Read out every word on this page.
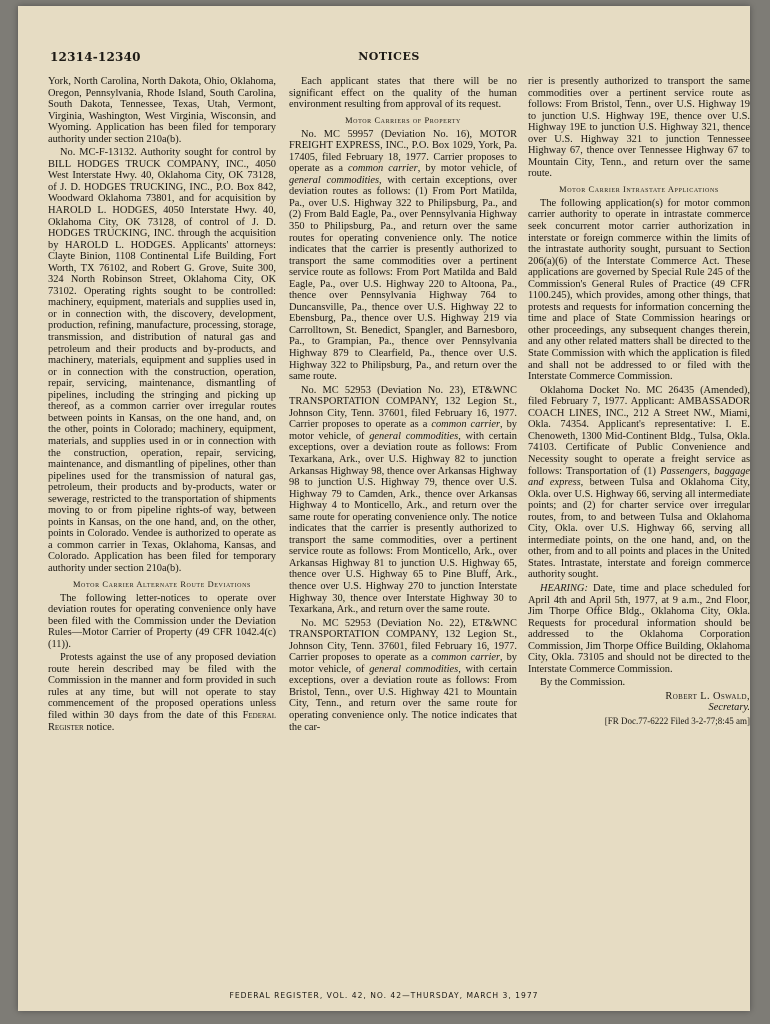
12314-12340	NOTICES

York, North Carolina, North Dakota, Ohio, Oklahoma, Oregon, Pennsylvania, Rhode Island, South Carolina, South Dakota, Tennessee, Texas, Utah, Vermont, Virginia, Washington, West Virginia, Wisconsin, and Wyoming. Application has been filed for temporary authority under section 210a(b).

No. MC-F-13132. Authority sought for control by BILL HODGES TRUCK COMPANY, INC., 4050 West Interstate Hwy. 40, Oklahoma City, OK 73128, of J. D. HODGES TRUCKING, INC., P.O. Box 842, Woodward Oklahoma 73801, and for acquisition by HAROLD L. HODGES, 4050 Interstate Hwy. 40, Oklahoma City, OK 73128, of control of J. D. HODGES TRUCKING, INC. through the acquisition by HAROLD L. HODGES. Applicants' attorneys: Clayte Binion, 1108 Continental Life Building, Fort Worth, TX 76102, and Robert G. Grove, Suite 300, 324 North Robinson Street, Oklahoma City, OK 73102. Operating rights sought to be controlled: machinery, equipment, materials and supplies used in, or in connection with, the discovery, development, production, refining, manufacture, processing, storage, transmission, and distribution of natural gas and petroleum and their products and by-products, and machinery, materials, equipment and supplies used in or in connection with the construction, operation, repair, servicing, maintenance, dismantling of pipelines, including the stringing and picking up thereof, as a common carrier over irregular routes between points in Kansas, on the one hand, and, on the other, points in Colorado; machinery, equipment, materials, and supplies used in or in connection with the construction, operation, repair, servicing, maintenance, and dismantling of pipelines, other than pipelines used for the transmission of natural gas, petroleum, their products and by-products, water or sewerage, restricted to the transportation of shipments moving to or from pipeline rights-of way, between points in Kansas, on the one hand, and, on the other, points in Colorado. Vendee is authorized to operate as a common carrier in Texas, Oklahoma, Kansas, and Colorado. Application has been filed for temporary authority under section 210a(b).

Motor Carrier Alternate Route Deviations

The following letter-notices to operate over deviation routes for operating convenience only have been filed with the Commission under the Deviation Rules—Motor Carrier of Property (49 CFR 1042.4(c)(11)).

Protests against the use of any proposed deviation route herein described may be filed with the Commission in the manner and form provided in such rules at any time, but will not operate to stay commencement of the proposed operations unless filed within 30 days from the date of this Federal Register notice.

Each applicant states that there will be no significant effect on the quality of the human environment resulting from approval of its request.

Motor Carriers of Property

No. MC 59957 (Deviation No. 16), MOTOR FREIGHT EXPRESS, INC., P.O. Box 1029, York, Pa. 17405, filed February 18, 1977. Carrier proposes to operate as a common carrier, by motor vehicle, of general commodities, with certain exceptions, over deviation routes as follows: (1) From Port Matilda, Pa., over U.S. Highway 322 to Philipsburg, Pa., and (2) From Bald Eagle, Pa., over Pennsylvania Highway 350 to Philipsburg, Pa., and return over the same routes for operating convenience only. The notice indicates that the carrier is presently authorized to transport the same commodities over a pertinent service route as follows: From Port Matilda and Bald Eagle, Pa., over U.S. Highway 220 to Altoona, Pa., thence over Pennsylvania Highway 764 to Duncansville, Pa., thence over U.S. Highway 22 to Ebensburg, Pa., thence over U.S. Highway 219 via Carrolltown, St. Benedict, Spangler, and Barnesboro, Pa., to Grampian, Pa., thence over Pennsylvania Highway 879 to Clearfield, Pa., thence over U.S. Highway 322 to Philipsburg, Pa., and return over the same route.

No. MC 52953 (Deviation No. 23), ET&WNC TRANSPORTATION COMPANY, 132 Legion St., Johnson City, Tenn. 37601, filed February 16, 1977. Carrier proposes to operate as a common carrier, by motor vehicle, of general commodities, with certain exceptions, over a deviation route as follows: From Texarkana, Ark., over U.S. Highway 82 to junction Arkansas Highway 98, thence over Arkansas Highway 98 to junction U.S. Highway 79, thence over U.S. Highway 79 to Camden, Ark., thence over Arkansas Highway 4 to Monticello, Ark., and return over the same route for operating convenience only. The notice indicates that the carrier is presently authorized to transport the same commodities, over a pertinent service route as follows: From Monticello, Ark., over Arkansas Highway 81 to junction U.S. Highway 65, thence over U.S. Highway 65 to Pine Bluff, Ark., thence over U.S. Highway 270 to junction Interstate Highway 30, thence over Interstate Highway 30 to Texarkana, Ark., and return over the same route.

No. MC 52953 (Deviation No. 22), ET&WNC TRANSPORTATION COMPANY, 132 Legion St., Johnson City, Tenn. 37601, filed February 16, 1977. Carrier proposes to operate as a common carrier, by motor vehicle, of general commodities, with certain exceptions, over a deviation route as follows: From Bristol, Tenn., over U.S. Highway 421 to Mountain City, Tenn., and return over the same route for operating convenience only. The notice indicates that the car-

rier is presently authorized to transport the same commodities over a pertinent service route as follows: From Bristol, Tenn., over U.S. Highway 19 to junction U.S. Highway 19E, thence over U.S. Highway 19E to junction U.S. Highway 321, thence over U.S. Highway 321 to junction Tennessee Highway 67, thence over Tennessee Highway 67 to Mountain City, Tenn., and return over the same route.

Motor Carrier Intrastate Applications

The following application(s) for motor common carrier authority to operate in intrastate commerce seek concurrent motor carrier authorization in interstate or foreign commerce within the limits of the intrastate authority sought, pursuant to Section 206(a)(6) of the Interstate Commerce Act. These applications are governed by Special Rule 245 of the Commission's General Rules of Practice (49 CFR 1100.245), which provides, among other things, that protests and requests for information concerning the time and place of State Commission hearings or other proceedings, any subsequent changes therein, and any other related matters shall be directed to the State Commission with which the application is filed and shall not be addressed to or filed with the Interstate Commerce Commission.

Oklahoma Docket No. MC 26435 (Amended), filed February 7, 1977. Applicant: AMBASSADOR COACH LINES, INC., 212 A Street NW., Miami, Okla. 74354. Applicant's representative: I. E. Chenoweth, 1300 Mid-Continent Bldg., Tulsa, Okla. 74103. Certificate of Public Convenience and Necessity sought to operate a freight service as follows: Transportation of (1) Passengers, baggage and express, between Tulsa and Oklahoma City, Okla. over U.S. Highway 66, serving all intermediate points; and (2) for charter service over irregular routes, from, to and between Tulsa and Oklahoma City, Okla. over U.S. Highway 66, serving all intermediate points, on the one hand, and, on the other, from and to all points and places in the United States. Intrastate, interstate and foreign commerce authority sought.

HEARING: Date, time and place scheduled for April 4th and April 5th, 1977, at 9 a.m., 2nd Floor, Jim Thorpe Office Bldg., Oklahoma City, Okla. Requests for procedural information should be addressed to the Oklahoma Corporation Commission, Jim Thorpe Office Building, Oklahoma City, Okla. 73105 and should not be directed to the Interstate Commerce Commission.

By the Commission.

Robert L. Oswald,
Secretary.
[FR Doc.77-6222 Filed 3-2-77;8:45 am]
FEDERAL REGISTER, VOL. 42, NO. 42—THURSDAY, MARCH 3, 1977
